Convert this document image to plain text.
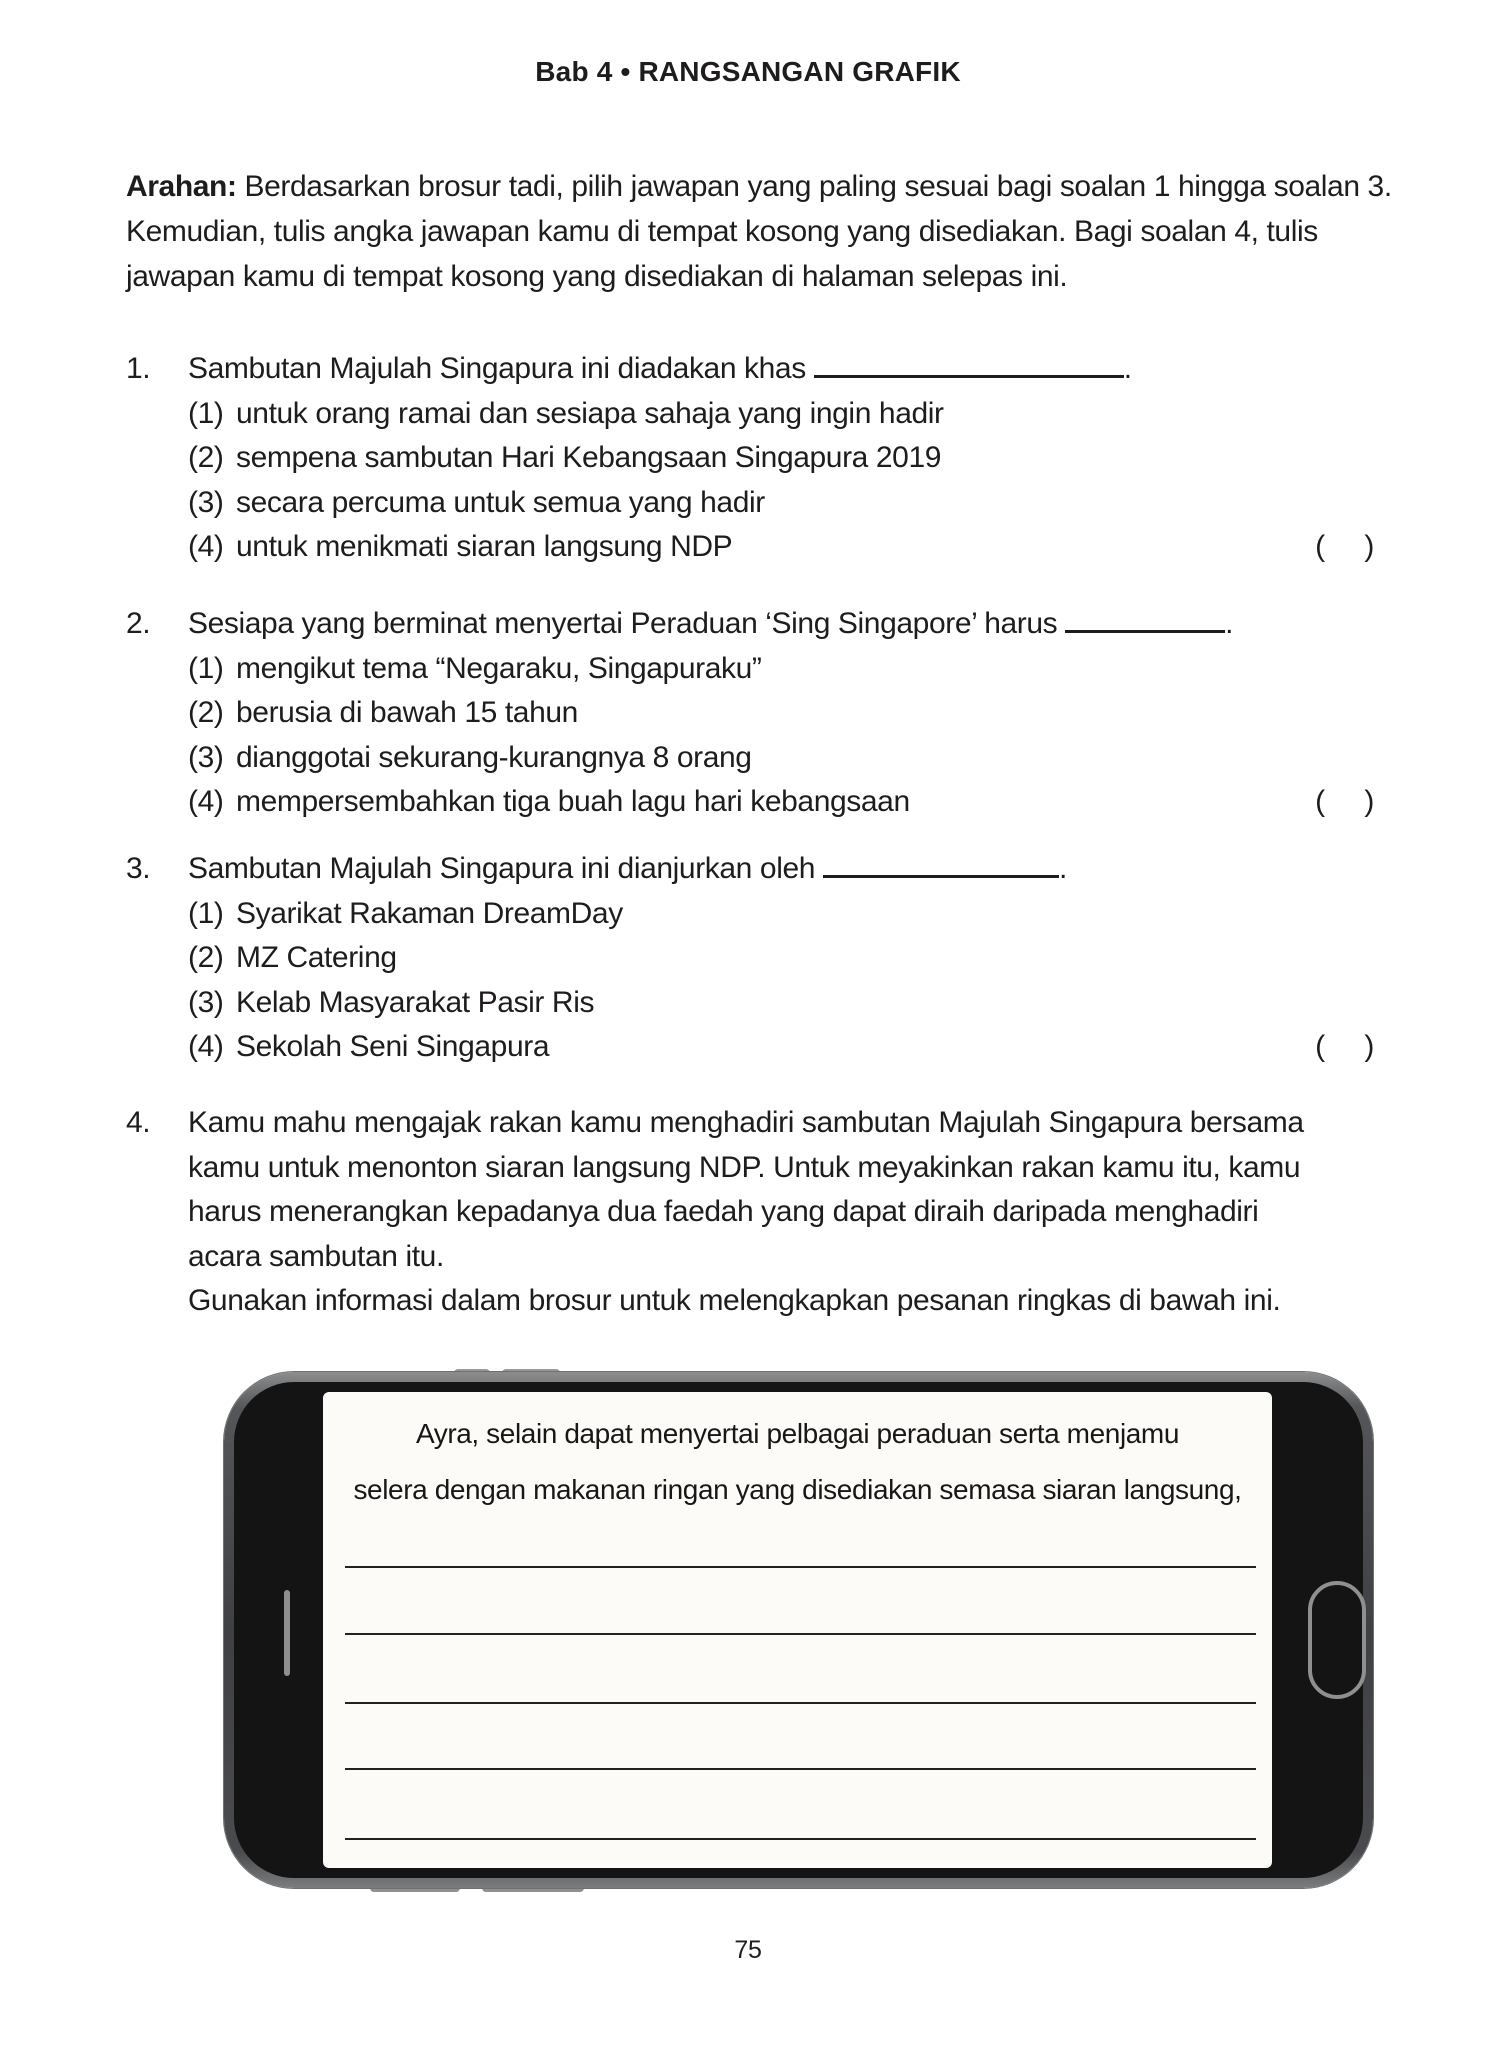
Bab 4 • RANGSANGAN GRAFIK
Arahan: Berdasarkan brosur tadi, pilih jawapan yang paling sesuai bagi soalan 1 hingga soalan 3. Kemudian, tulis angka jawapan kamu di tempat kosong yang disediakan. Bagi soalan 4, tulis jawapan kamu di tempat kosong yang disediakan di halaman selepas ini.
1.	Sambutan Majulah Singapura ini diadakan khas	.
(1) untuk orang ramai dan sesiapa sahaja yang ingin hadir
(2) sempena sambutan Hari Kebangsaan Singapura 2019
(3) secara percuma untuk semua yang hadir
(4) untuk menikmati siaran langsung NDP	(     )
2.	Sesiapa yang berminat menyertai Peraduan ‘Sing Singapore’ harus	.
(1) mengikut tema “Negaraku, Singapuraku”
(2) berusia di bawah 15 tahun
(3) dianggotai sekurang-kurangnya 8 orang
(4) mempersembahkan tiga buah lagu hari kebangsaan	(     )
3.	Sambutan Majulah Singapura ini dianjurkan oleh	.
(1) Syarikat Rakaman DreamDay
(2) MZ Catering
(3) Kelab Masyarakat Pasir Ris
(4) Sekolah Seni Singapura	(     )
4.	Kamu mahu mengajak rakan kamu menghadiri sambutan Majulah Singapura bersama kamu untuk menonton siaran langsung NDP. Untuk meyakinkan rakan kamu itu, kamu harus menerangkan kepadanya dua faedah yang dapat diraih daripada menghadiri acara sambutan itu.
Gunakan informasi dalam brosur untuk melengkapkan pesanan ringkas di bawah ini.
Ayra, selain dapat menyertai pelbagai peraduan serta menjamu
selera dengan makanan ringan yang disediakan semasa siaran langsung,
75
